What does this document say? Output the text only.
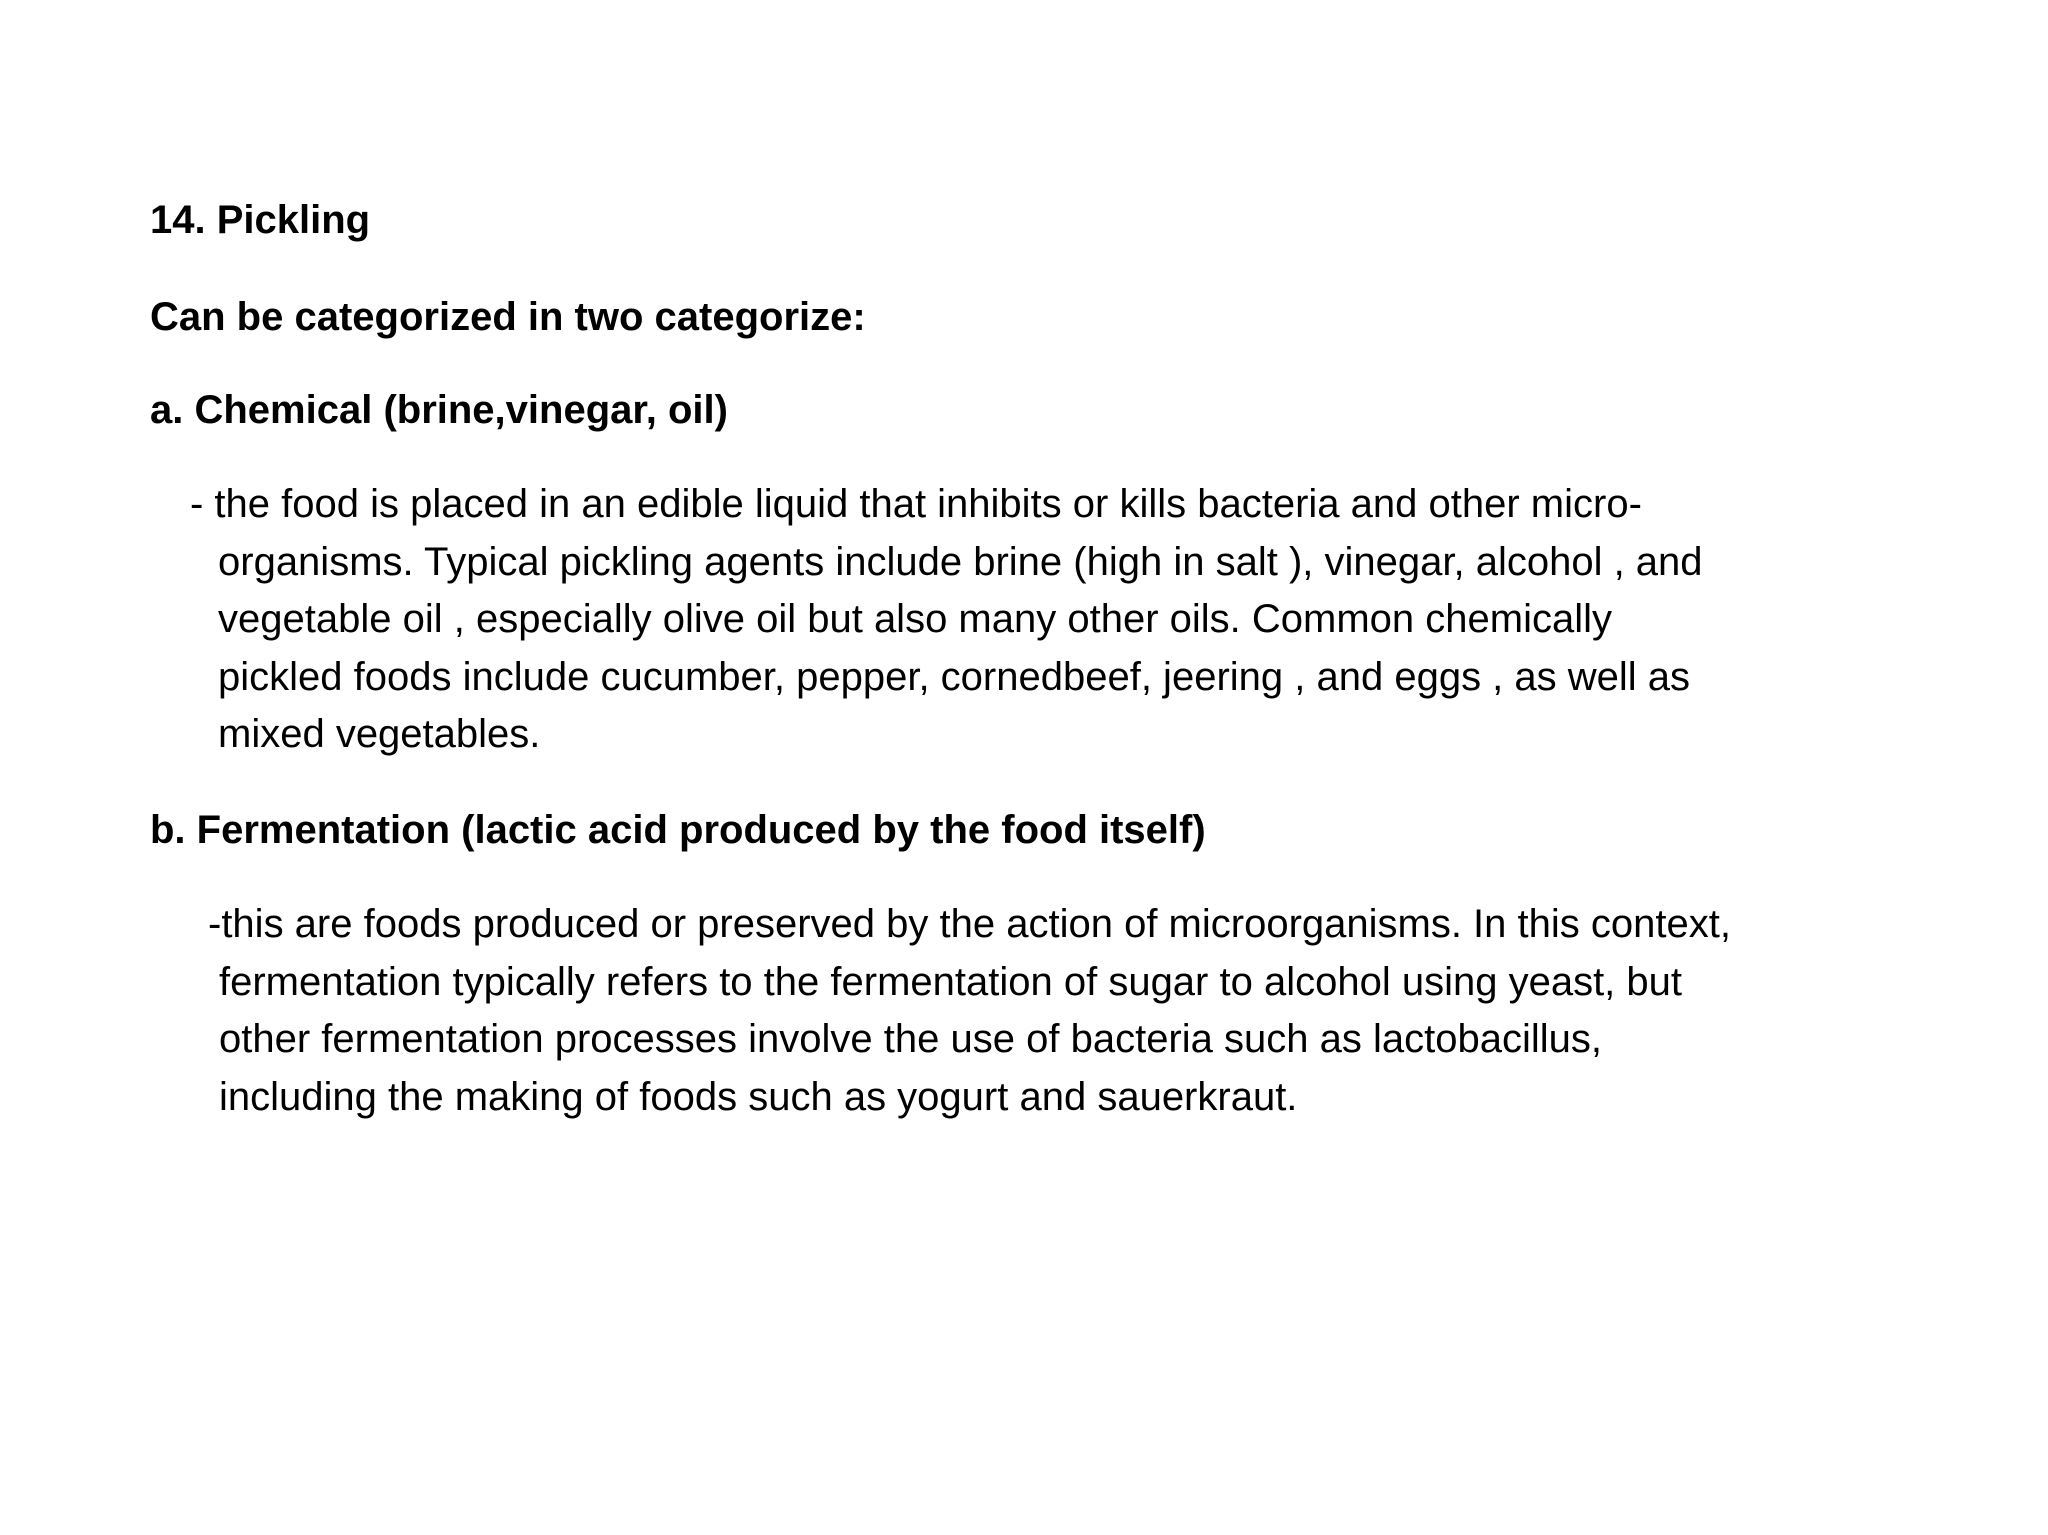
14. Pickling

Can be categorized in two categorize:

a. Chemical (brine,vinegar, oil)
- the food is placed in an edible liquid that inhibits or kills bacteria and other micro-
organisms. Typical pickling agents include brine (high in salt ), vinegar, alcohol , and
vegetable oil , especially olive oil but also many other oils. Common chemically
pickled foods include cucumber, pepper, cornedbeef, jeering , and eggs , as well as
mixed vegetables.
b. Fermentation (lactic acid produced by the food itself)
-this are foods produced or preserved by the action of microorganisms. In this context,
fermentation typically refers to the fermentation of sugar to alcohol using yeast, but
other fermentation processes involve the use of bacteria such as lactobacillus,
including the making of foods such as yogurt and sauerkraut.
